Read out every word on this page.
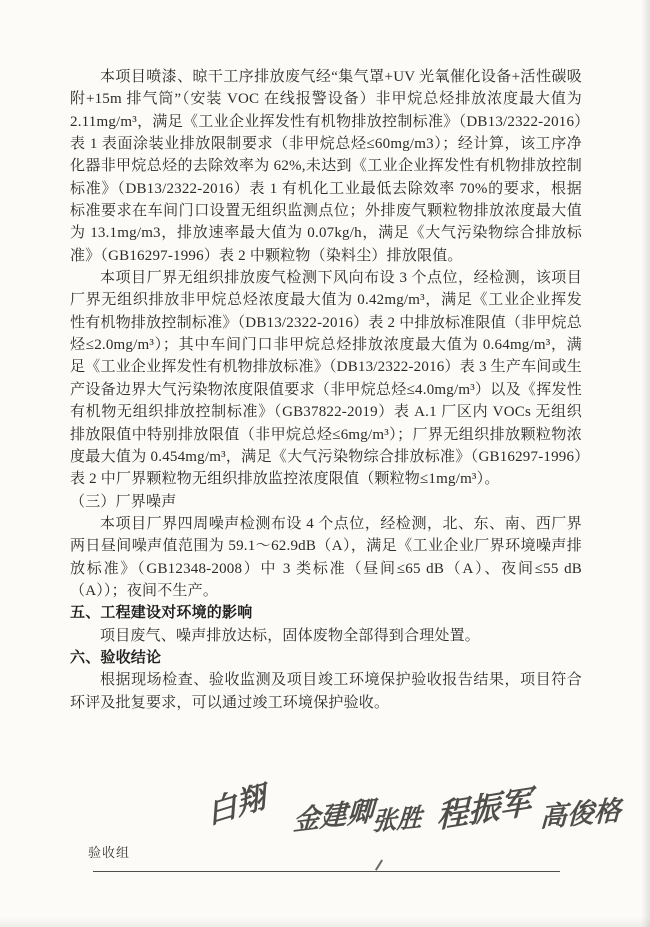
本项目喷漆、晾干工序排放废气经“集气罩+UV 光氧催化设备+活性碳吸附+15m 排气筒”（安装 VOC 在线报警设备）非甲烷总烃排放浓度最大值为 2.11mg/m³，满足《工业企业挥发性有机物排放控制标准》（DB13/2322-2016）表 1 表面涂装业排放限制要求（非甲烷总烃≤60mg/m3）；经计算，该工序净化器非甲烷总烃的去除效率为 62%,未达到《工业企业挥发性有机物排放控制标准》（DB13/2322-2016）表 1 有机化工业最低去除效率 70%的要求，根据标准要求在车间门口设置无组织监测点位；外排废气颗粒物排放浓度最大值为 13.1mg/m3，排放速率最大值为 0.07kg/h，满足《大气污染物综合排放标准》（GB16297-1996）表 2 中颗粒物（染料尘）排放限值。

本项目厂界无组织排放废气检测下风向布设 3 个点位，经检测，该项目厂界无组织排放非甲烷总烃浓度最大值为 0.42mg/m³，满足《工业企业挥发性有机物排放控制标准》（DB13/2322-2016）表 2 中排放标准限值（非甲烷总烃≤2.0mg/m³）；其中车间门口非甲烷总烃排放浓度最大值为 0.64mg/m³，满足《工业企业挥发性有机物排放标准》（DB13/2322-2016）表 3 生产车间或生产设备边界大气污染物浓度限值要求（非甲烷总烃≤4.0mg/m³）以及《挥发性有机物无组织排放控制标准》（GB37822-2019）表 A.1 厂区内 VOCs 无组织排放限值中特别排放限值（非甲烷总烃≤6mg/m³）；厂界无组织排放颗粒物浓度最大值为 0.454mg/m³，满足《大气污染物综合排放标准》（GB16297-1996）表 2 中厂界颗粒物无组织排放监控浓度限值（颗粒物≤1mg/m³）。

（三）厂界噪声

本项目厂界四周噪声检测布设 4 个点位，经检测，北、东、南、西厂界两日昼间噪声值范围为 59.1～62.9dB（A），满足《工业企业厂界环境噪声排放标准》（GB12348-2008）中 3 类标准（昼间≤65 dB（A）、夜间≤55 dB（A））；夜间不生产。

五、工程建设对环境的影响

项目废气、噪声排放达标，固体废物全部得到合理处置。

六、验收结论

根据现场检查、验收监测及项目竣工环境保护验收报告结果，项目符合环评及批复要求，可以通过竣工环境保护验收。

白翔 金建卿
张胜 程振军 高俊格
验收组
